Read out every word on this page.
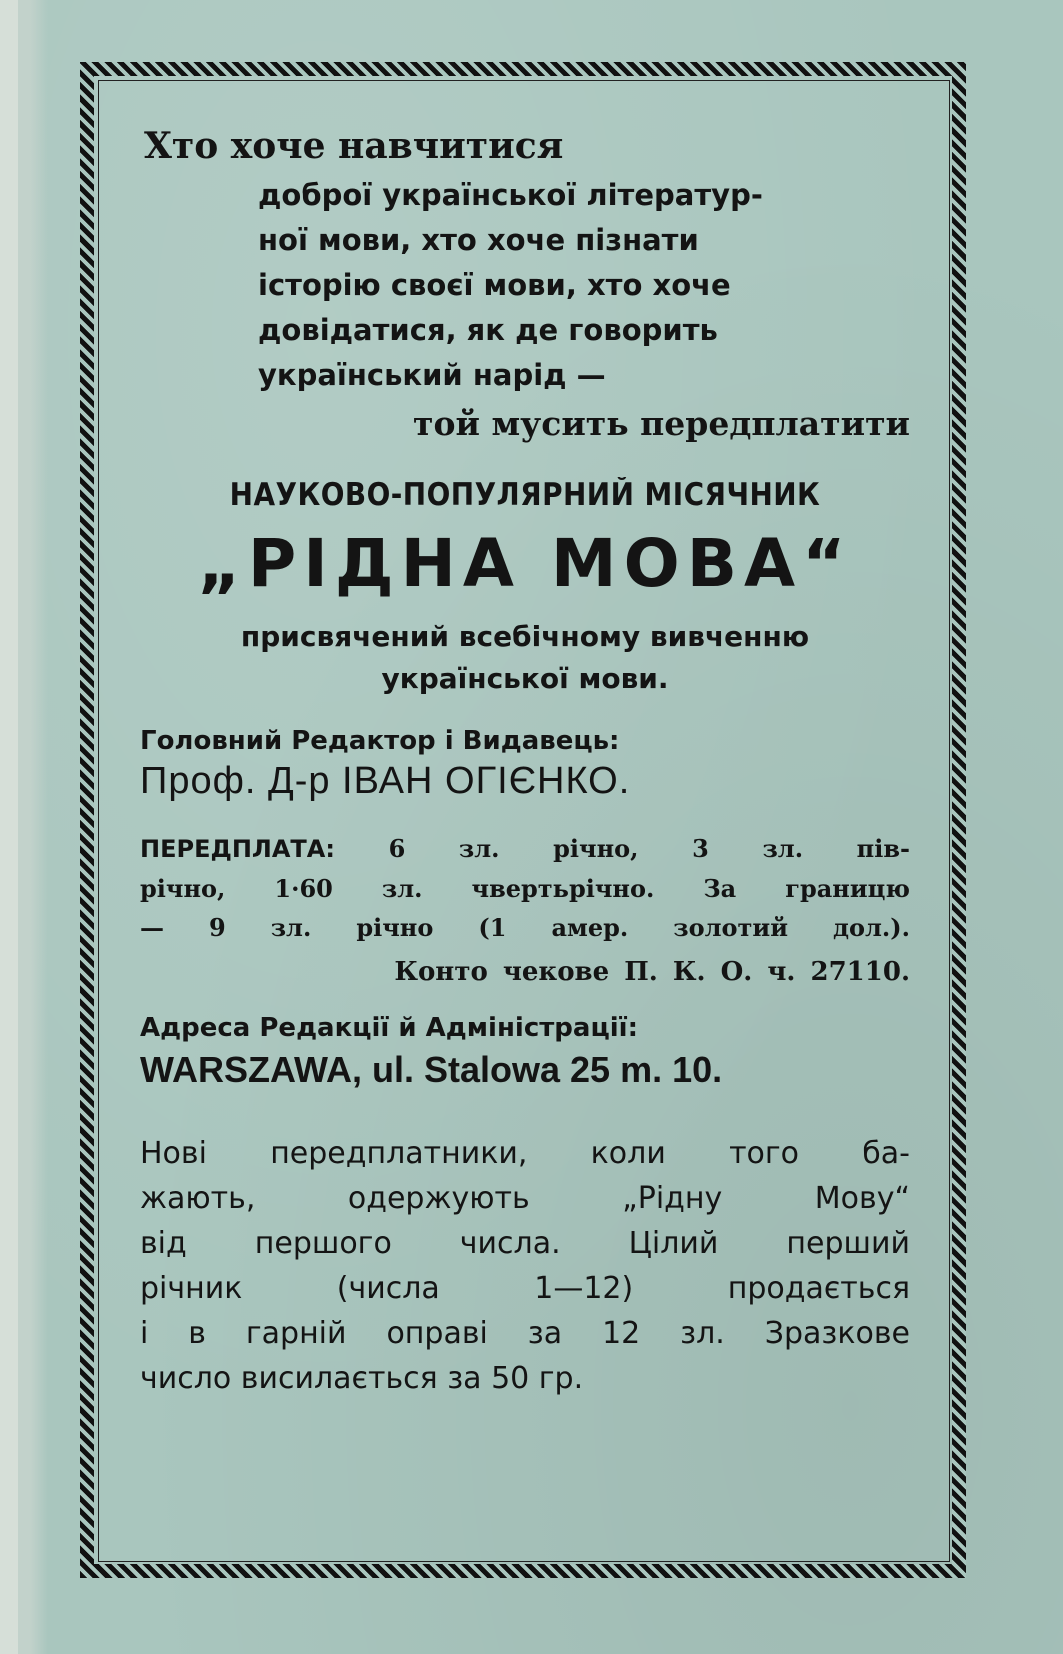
Хто хоче навчитися
доброї української літератур-
ної мови, хто хоче пізнати
історію своєї мови, хто хоче
довідатися, як де говорить
український нарід —
той мусить передплатити
НАУКОВО-ПОПУЛЯРНИЙ МІСЯЧНИК
„РІДНА МОВА“
присвячений всебічному вивченню
української мови.
Головний Редактор і Видавець:
Проф. Д-р ІВАН ОГІЄНКО.
ПЕРЕДПЛАТА: 6 зл. річно, 3 зл. пів-
річно, 1·60 зл. чвертьрічно. За границю
— 9 зл. річно (1 амер. золотий дол.).
Конто чекове П. К. О. ч. 27110.
Адреса Редакції й Адміністрації:
WARSZAWA, ul. Stalowa 25 m. 10.
Нові передплатники, коли того ба-
жають, одержують „Рідну Мову“
від першого числа. Цілий перший
річник (числа 1—12) продається
і в гарній оправі за 12 зл. Зразкове
число висилається за 50 гр.
